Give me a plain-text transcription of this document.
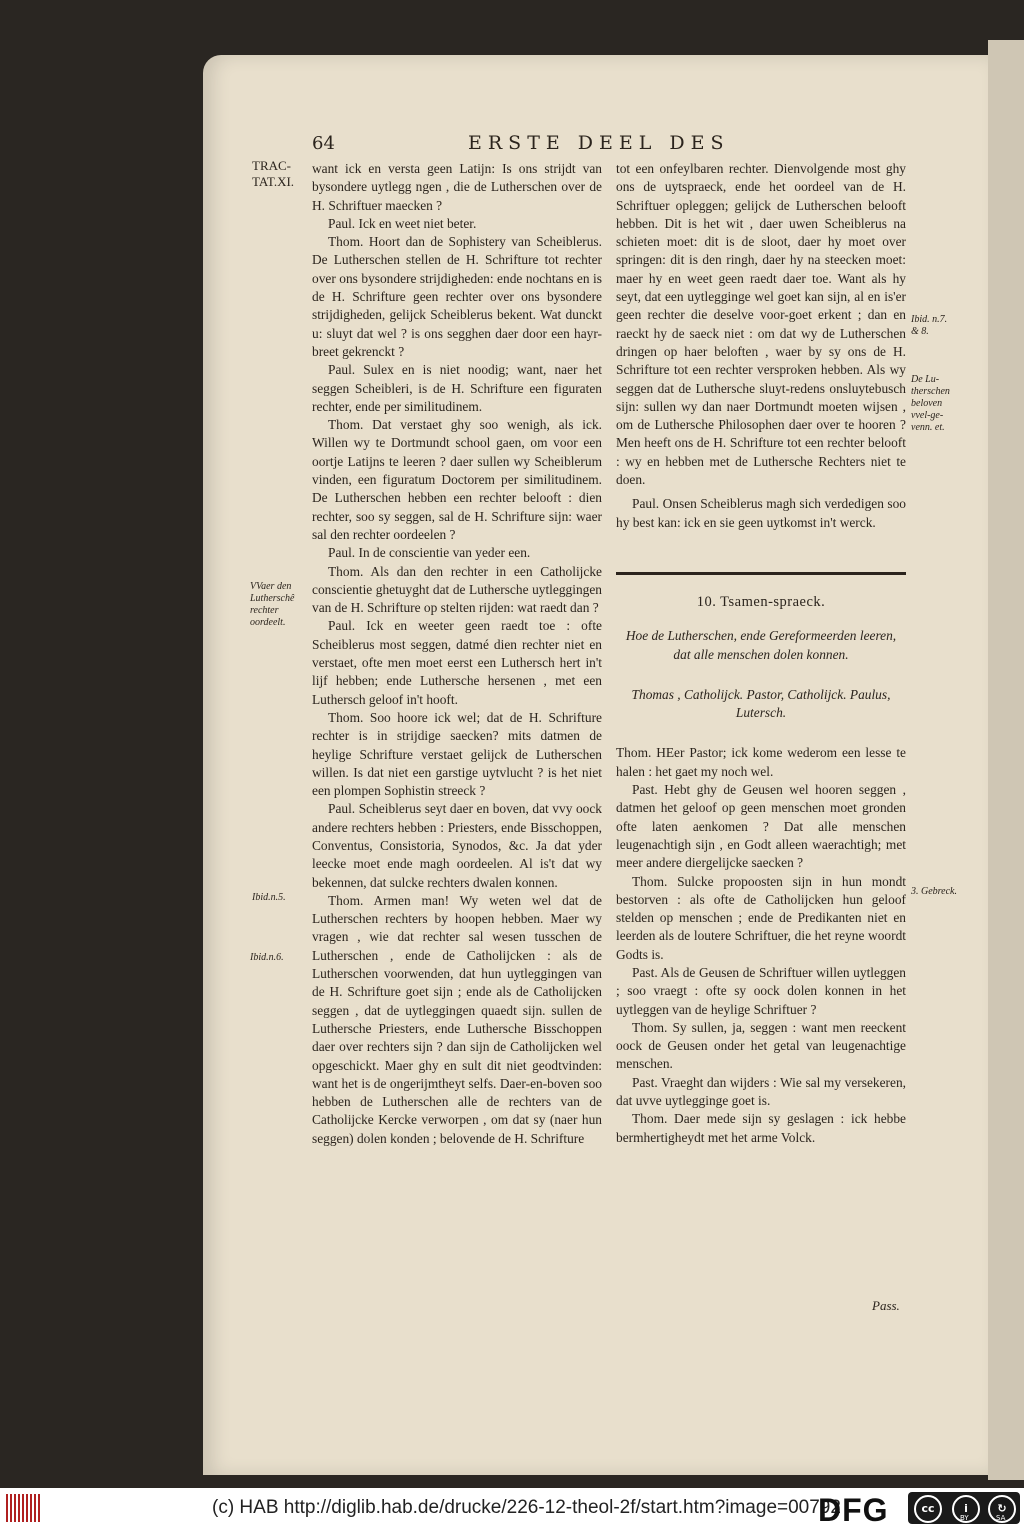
64	ERSTE DEEL DES
TRAC-
TAT.XI.
VVaer den
Lutherschê
rechter
oordeelt.
Ibid.n.5.
Ibid.n.6.
Ibid. n.7.
& 8.
De Lu-
therschen
beloven
vvel-ge-
venn. et.
3. Gebreck.

want ick en versta geen Latijn: Is ons strijdt van bysondere uytlegg ngen , die de Lutherschen over de H. Schriftuer maecken ?

Paul. Ick en weet niet beter.

Thom. Hoort dan de Sophistery van Scheiblerus. De Lutherschen stellen de H. Schrifture tot rechter over ons bysondere strijdigheden: ende nochtans en is de H. Schrifture geen rechter over ons bysondere strijdigheden, gelijck Scheiblerus bekent. Wat dunckt u: sluyt dat wel ? is ons segghen daer door een hayr-breet gekrenckt ?

Paul. Sulex en is niet noodig; want, naer het seggen Scheibleri, is de H. Schrifture een figuraten rechter, ende per similitudinem.

Thom. Dat verstaet ghy soo wenigh, als ick. Willen wy te Dortmundt school gaen, om voor een oortje Latijns te leeren ? daer sullen wy Scheiblerum vinden, een figuratum Doctorem per similitudinem. De Lutherschen hebben een rechter belooft : dien rechter, soo sy seggen, sal de H. Schrifture sijn: waer sal den rechter oordeelen ?

Paul. In de conscientie van yeder een.

Thom. Als dan den rechter in een Catholijcke conscientie ghetuyght dat de Luthersche uytleggingen van de H. Schrifture op stelten rijden: wat raedt dan ?

Paul. Ick en weeter geen raedt toe : ofte Scheiblerus most seggen, datmé dien rechter niet en verstaet, ofte men moet eerst een Luthersch hert in't lijf hebben; ende Luthersche hersenen , met een Luthersch geloof in't hooft.

Thom. Soo hoore ick wel; dat de H. Schrifture rechter is in strijdige saecken? mits datmen de heylige Schrifture verstaet gelijck de Lutherschen willen. Is dat niet een garstige uytvlucht ? is het niet een plompen Sophistin streeck ?

Paul. Scheiblerus seyt daer en boven, dat vvy oock andere rechters hebben : Priesters, ende Bisschoppen, Conventus, Consistoria, Synodos, &c. Ja dat yder leecke moet ende magh oordeelen. Al is't dat wy bekennen, dat sulcke rechters dwalen konnen.

Thom. Armen man! Wy weten wel dat de Lutherschen rechters by hoopen hebben. Maer wy vragen , wie dat rechter sal wesen tusschen de Lutherschen , ende de Catholijcken : als de Lutherschen voorwenden, dat hun uytleggingen van de H. Schrifture goet sijn ; ende als de Catholijcken seggen , dat de uytleggingen quaedt sijn. sullen de Luthersche Priesters, ende Luthersche Bisschoppen daer over rechters sijn ? dan sijn de Catholijcken wel opgeschickt. Maer ghy en sult dit niet geodtvinden: want het is de ongerijmtheyt selfs. Daer-en-boven soo hebben de Lutherschen alle de rechters van de Catholijcke Kercke verworpen , om dat sy (naer hun seggen) dolen konden ; belovende de H. Schrifture

tot een onfeylbaren rechter. Dienvolgende most ghy ons de uytspraeck, ende het oordeel van de H. Schriftuer opleggen; gelijck de Lutherschen belooft hebben. Dit is het wit , daer uwen Scheiblerus na schieten moet: dit is de sloot, daer hy moet over springen: dit is den ringh, daer hy na steecken moet: maer hy en weet geen raedt daer toe. Want als hy seyt, dat een uytlegginge wel goet kan sijn, al en is'er geen rechter die deselve voor-goet erkent ; dan en raeckt hy de saeck niet : om dat wy de Lutherschen dringen op haer beloften , waer by sy ons de H. Schrifture tot een rechter versproken hebben. Als wy seggen dat de Luthersche sluyt-redens onsluytebusch sijn: sullen wy dan naer Dortmundt moeten wijsen , om de Luthersche Philosophen daer over te hooren ? Men heeft ons de H. Schrifture tot een rechter belooft : wy en hebben met de Luthersche Rechters niet te doen.

Paul. Onsen Scheiblerus magh sich verdedigen soo hy best kan: ick en sie geen uytkomst in't werck.

10. Tsamen-spraeck.

Hoe de Lutherschen, ende Gereformeerden leeren, dat alle menschen dolen konnen.

Thomas , Catholijck. Pastor, Catholijck. Paulus, Lutersch.

Thom. HEer Pastor; ick kome wederom een lesse te halen : het gaet my noch wel.

Past. Hebt ghy de Geusen wel hooren seggen , datmen het geloof op geen menschen moet gronden ofte laten aenkomen ? Dat alle menschen leugenachtigh sijn , en Godt alleen waerachtigh; met meer andere diergelijcke saecken ?

Thom. Sulcke propoosten sijn in hun mondt bestorven : als ofte de Catholijcken hun geloof stelden op menschen ; ende de Predikanten niet en leerden als de loutere Schriftuer, die het reyne woordt Godts is.

Past. Als de Geusen de Schriftuer willen uytleggen ; soo vraegt : ofte sy oock dolen konnen in het uytleggen van de heylige Schriftuer ?

Thom. Sy sullen, ja, seggen : want men reeckent oock de Geusen onder het getal van leugenachtige menschen.

Past. Vraeght dan wijders : Wie sal my versekeren, dat uvve uytlegginge goet is.

Thom. Daer mede sijn sy geslagen : ick hebbe bermhertigheydt met het arme Volck.

Pass.
(c) HAB http://diglib.hab.de/drucke/226-12-theol-2f/start.htm?image=00792
DFG	cc	i	↻
BY	SA
